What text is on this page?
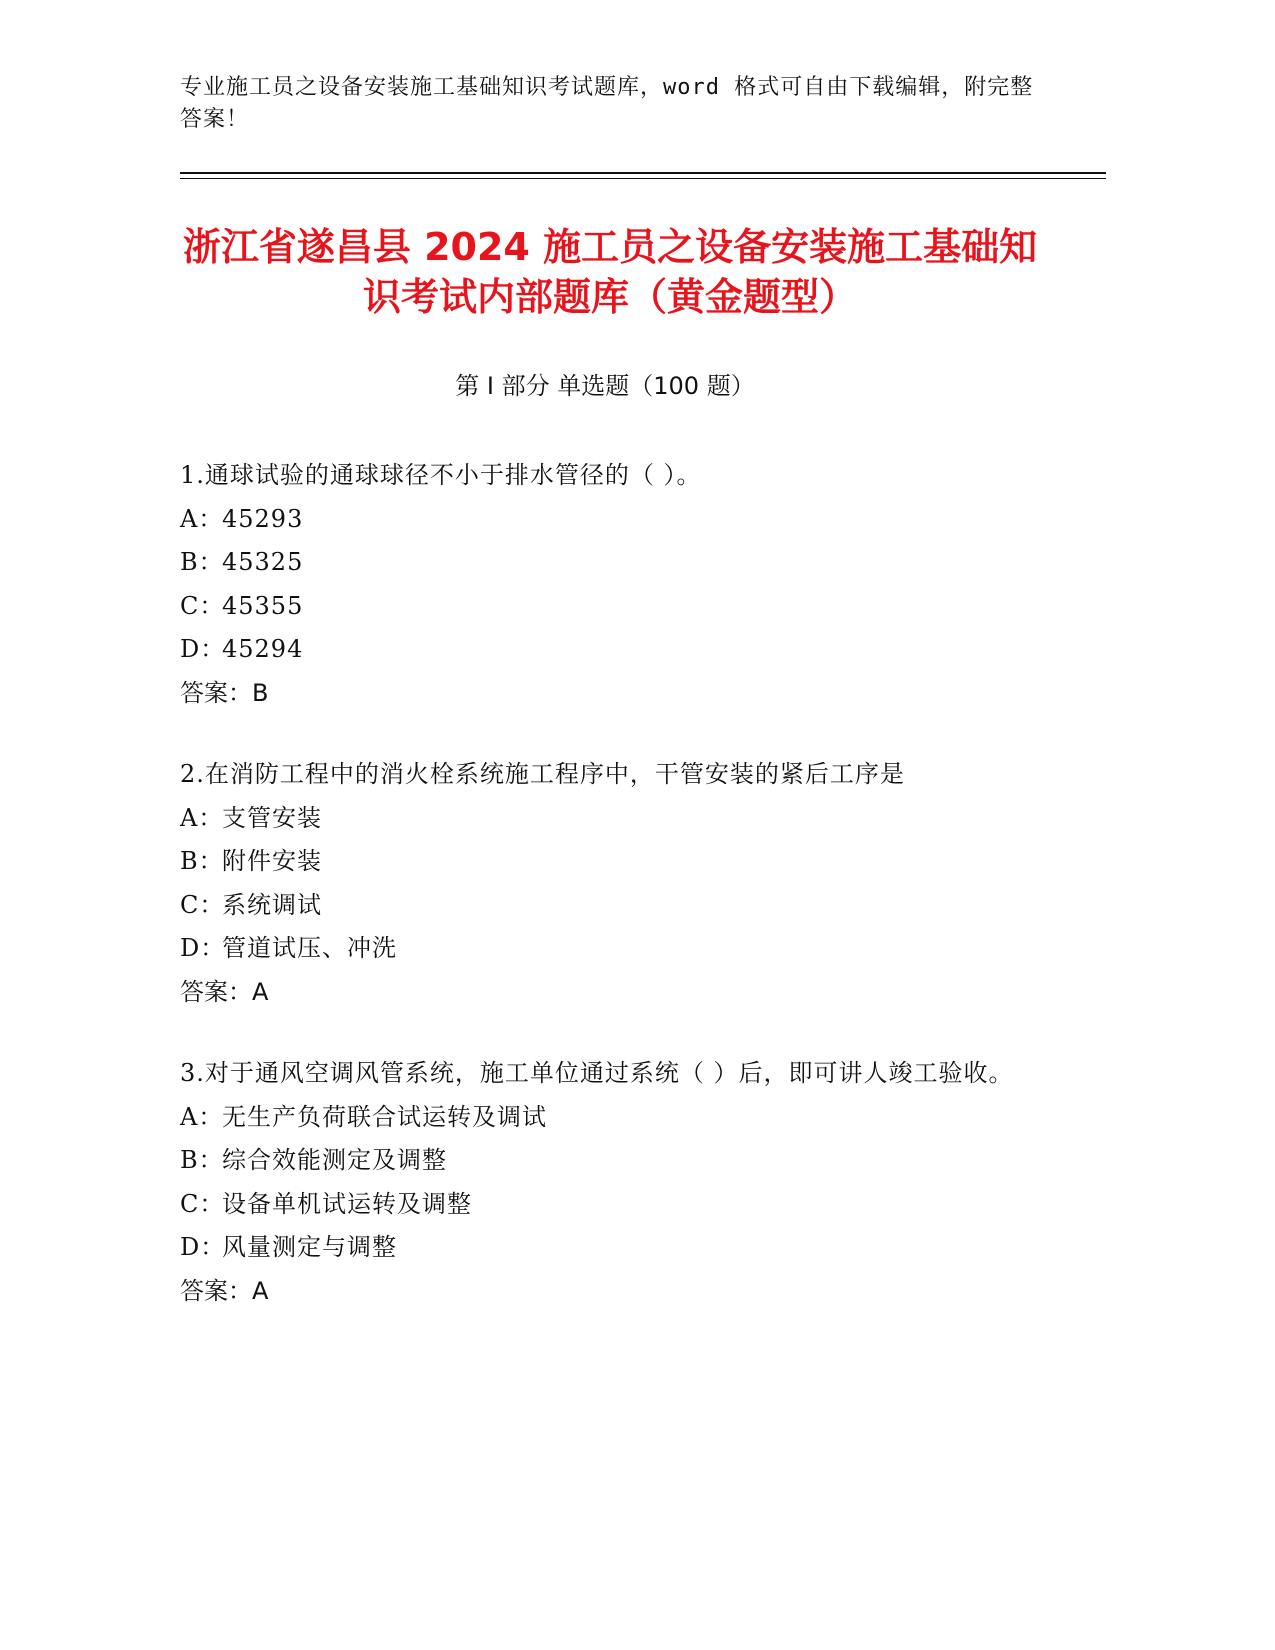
专业施工员之设备安装施工基础知识考试题库，word 格式可自由下载编辑，附完整答案！
浙江省遂昌县 2024 施工员之设备安装施工基础知识考试内部题库（黄金题型）
第 I 部分 单选题（100 题）
1.通球试验的通球球径不小于排水管径的（ ）。
A：
45293
B：
45325
C：
45355
D：
45294
答案：B
2.在消防工程中的消火栓系统施工程序中，干管安装的紧后工序是
A：
支管安装
B：
附件安装
C：
系统调试
D：
管道试压、冲洗
答案：A
3.对于通风空调风管系统，施工单位通过系统（ ）后，即可讲人竣工验收。
A：
无生产负荷联合试运转及调试
B：
综合效能测定及调整
C：
设备单机试运转及调整
D：
风量测定与调整
答案：A
